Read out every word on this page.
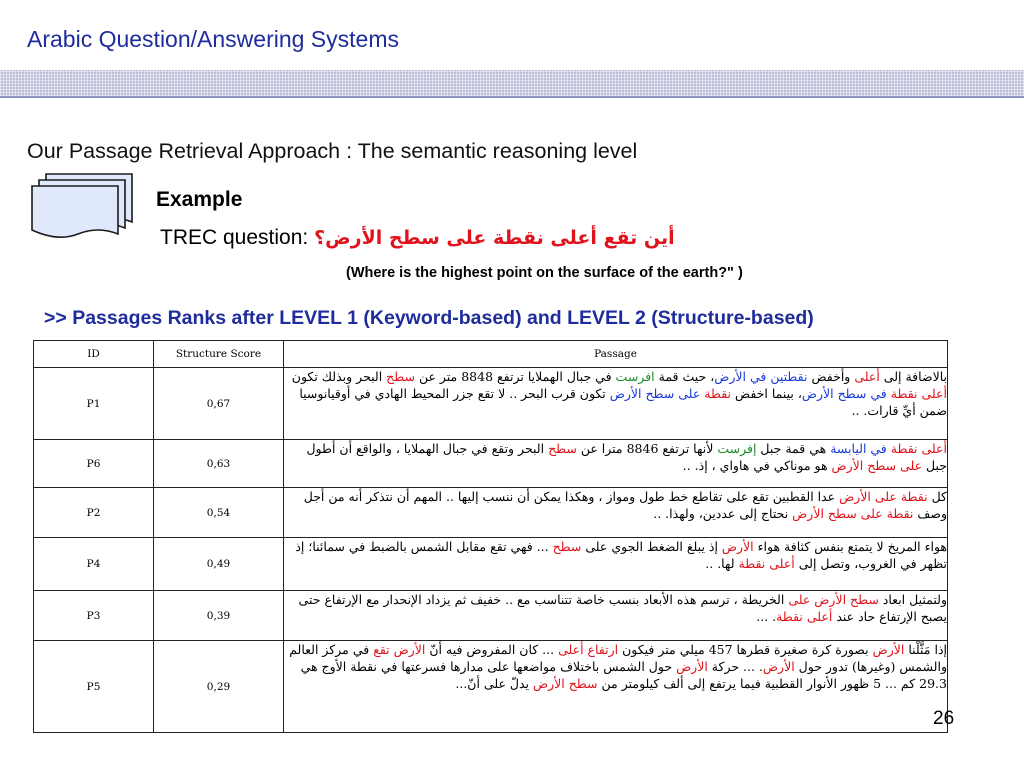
Arabic Question/Answering Systems
Our Passage Retrieval Approach : The semantic reasoning level
Example
TREC question: أين تقع أعلى نقطة على سطح الأرض؟
(Where is the highest point on the surface of the earth?" )
>> Passages Ranks after LEVEL 1 (Keyword-based) and LEVEL 2 (Structure-based)
ID	Structure Score	Passage
P1	0,67	بالاضافة إلى أعلى وأخفض نقطتين في الأرض، حيث قمة افرست في جبال الهملايا ترتفع 8848 متر عن سطح البحر وبذلك تكون أعلى نقطة في سطح الأرض، بينما اخفض نقطة على سطح الأرض تكون قرب البحر .. لا تقع جزر المحيط الهادي في أوقيانوسيا ضمن أيِّ قارات. ..
P6	0,63	أعلى نقطة في اليابسة هي قمة جبل إفرست لأنها ترتفع 8846 مترا عن سطح البحر وتقع في جبال الهملايا ، والواقع أن أطول جبل على سطح الأرض هو موناكي في هاواي ، إذ. ..
P2	0,54	كل نقطة على الأرض عدا القطبين تقع على تقاطع خط طول ومواز ، وهكذا يمكن أن ننسب إليها .. المهم أن نتذكر أنه من أجل وصف نقطة على سطح الأرض نحتاج إلى عددين، ولهذا. ..
P4	0,49	هواء المريخ لا يتمتع بنفس كثافة هواء الأرض إذ يبلغ الضغط الجوي على سطح ... فهي تقع مقابل الشمس بالضبط في سمائنا؛ إذ تظهر في الغروب، وتصل إلى أعلى نقطة لها. ..
P3	0,39	ولتمثيل ابعاد سطح الأرض على الخريطة ، ترسم هذه الأبعاد بنسب خاصة تتناسب مع .. خفيف ثم يزداد الإنحدار مع الإرتفاع حتى يصبح الإرتفاع حاد عند أعلى نقطة. ...
P5	0,29	إذا مَثَّلْنا الأرض بصورة كرة صغيرة قطرها 457 ميلي متر فيكون ارتفاع أعلى ... كان المفروض فيه أنّ الأرض تقع في مركز العالم والشمس (وغيرها) تدور حول الأرض. ... حركة الأرض حول الشمس باختلاف مواضعها على مدارها فسرعتها في نقطة الأوج هي 29.3 كم ... 5 ظهور الأنوار القطبية فيما يرتفع إلى ألف كيلومتر من سطح الأرض يدلّ على أنّ...
26
